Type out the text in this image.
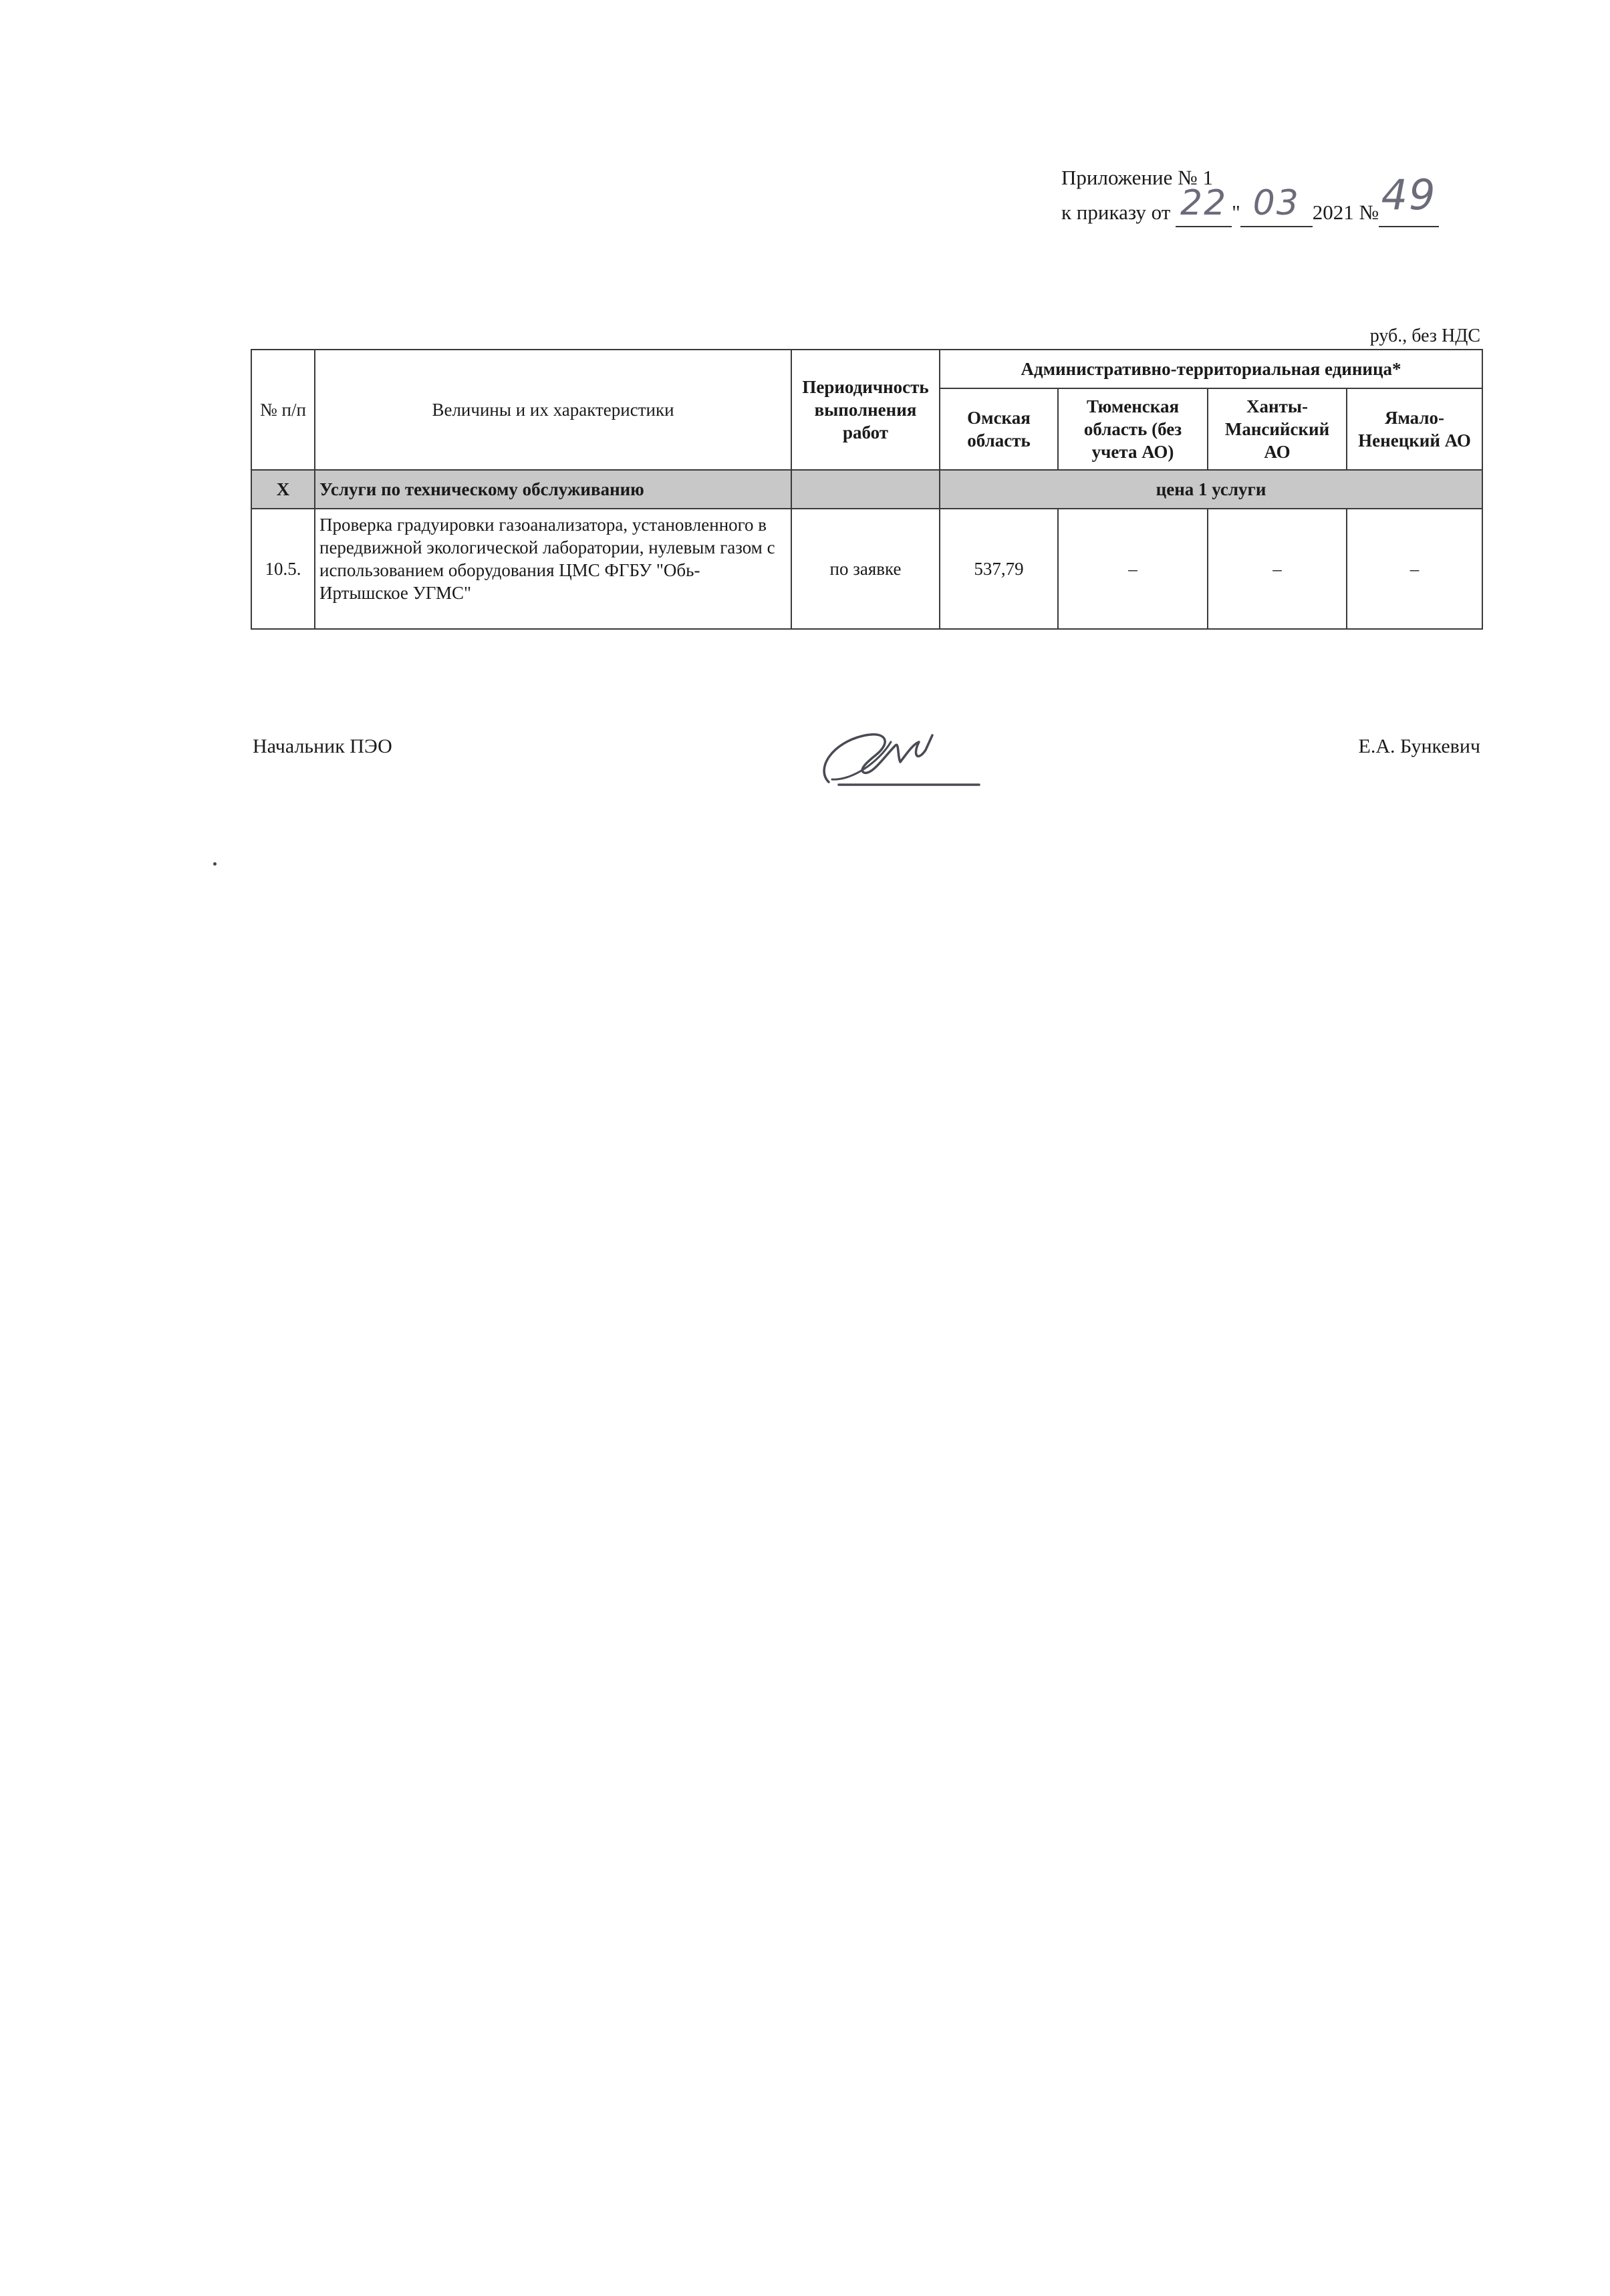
Приложение № 1
к приказу от 22 " 03 2021 № 49

руб., без НДС
№ п/п	Величины и их характеристики	Периодичность выполнения работ	Административно-территориальная единица*			
			Омская область	Тюменская область (без учета АО)	Ханты-Мансийский АО	Ямало-Ненецкий АО
X	Услуги по техническому обслуживанию		цена 1 услуги			
10.5.	Проверка градуировки газоанализатора, установленного в передвижной экологической лаборатории, нулевым газом с использованием оборудования ЦМС ФГБУ "Обь-Иртышское УГМС"	по заявке	537,79	–	–	–
Начальник ПЭО	Е.А. Бункевич
